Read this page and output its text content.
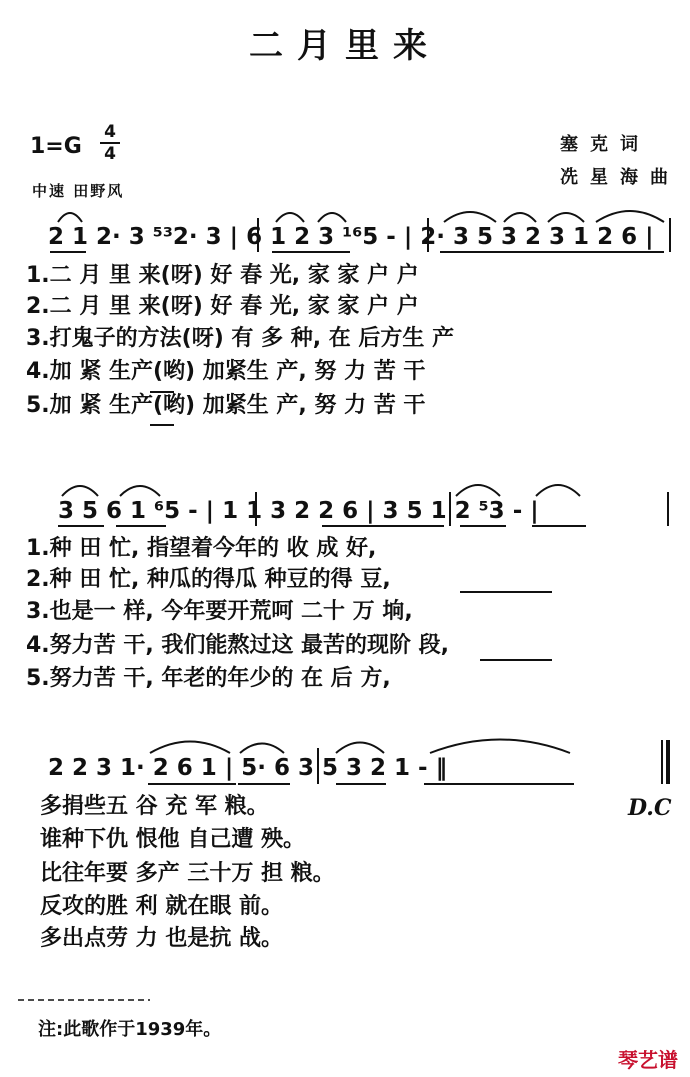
二月里来
1=G
4
4	塞克词
冼星海曲
中速 田野风
2 1 2· 3 ⁵³2· 3 | 6 1 2 3 ¹⁶5 - | 2· 3 5 3 2 3 1 2 6 |
1.二 月 里 来(呀) 好 春 光, 家 家 户 户
2.二 月 里 来(呀) 好 春 光, 家 家 户 户
3.打鬼子的方法(呀) 有 多 种, 在 后方生 产
4.加 紧 生产(哟) 加紧生 产, 努 力 苦 干
5.加 紧 生产(哟) 加紧生 产, 努 力 苦 干
3 5 6 1 ⁶5 - | 1 1 3 2 2 6 | 3 5 1 2 ⁵3 - |
1.种 田 忙, 指望着今年的 收 成 好,
2.种 田 忙, 种瓜的得瓜 种豆的得 豆,
3.也是一 样, 今年要开荒呵 二十 万 垧,
4.努力苦 干, 我们能熬过这 最苦的现阶 段,
5.努力苦 干, 年老的年少的 在 后 方,
2 2 3 1· 2 6 1 | 5· 6 3 5 3 2 1 - ‖
多捐些五 谷 充 军 粮。	D.C
谁种下仇 恨他 自己遭 殃。
比往年要 多产 三十万 担 粮。
反攻的胜 利 就在眼 前。
多出点劳 力 也是抗 战。
注:此歌作于1939年。
琴艺谱
